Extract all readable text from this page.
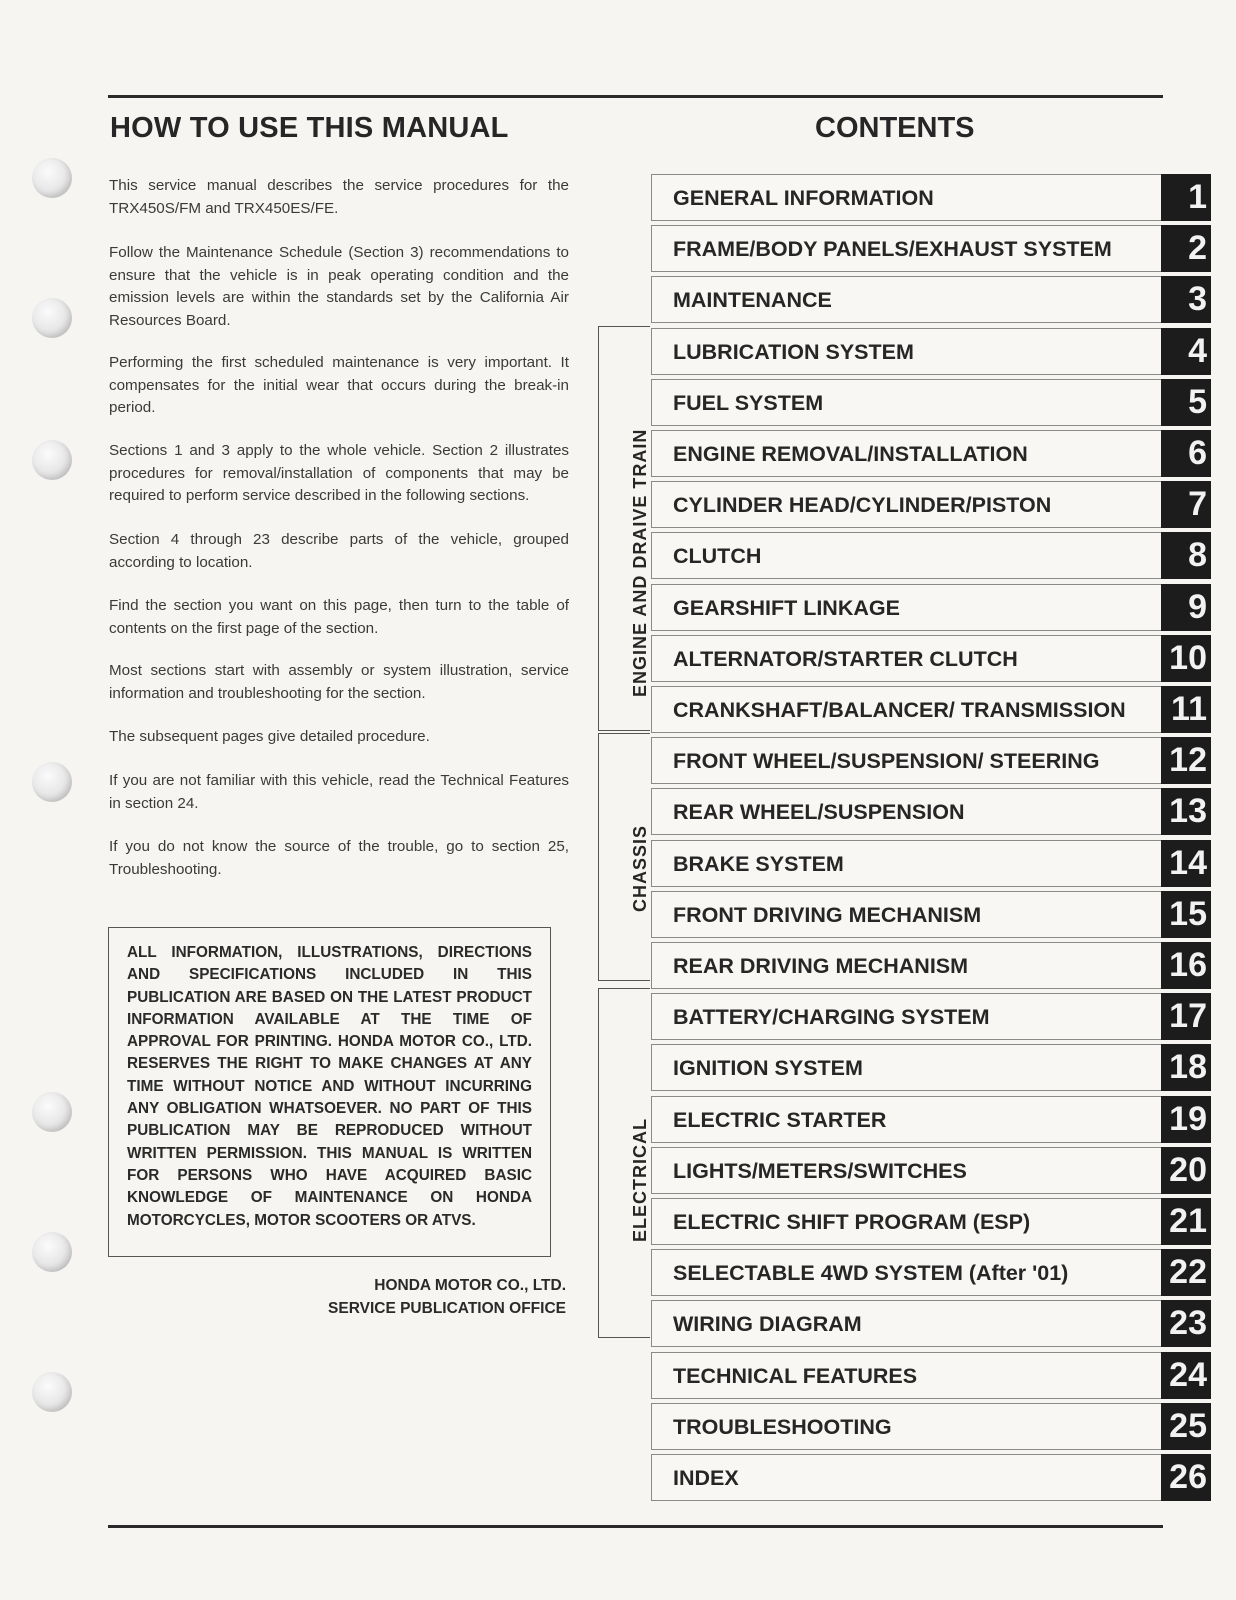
HOW TO USE THIS MANUAL	CONTENTS

This service manual describes the service procedures for the TRX450S/FM and TRX450ES/FE.

Follow the Maintenance Schedule (Section 3) recommendations to ensure that the vehicle is in peak operating condition and the emission levels are within the standards set by the California Air Resources Board.

Performing the first scheduled maintenance is very important. It compensates for the initial wear that occurs during the break-in period.

Sections 1 and 3 apply to the whole vehicle. Section 2 illustrates procedures for removal/installation of components that may be required to perform service described in the following sections.

Section 4 through 23 describe parts of the vehicle, grouped according to location.

Find the section you want on this page, then turn to the table of contents on the first page of the section.

Most sections start with assembly or system illustration, service information and troubleshooting for the section.

The subsequent pages give detailed procedure.

If you are not familiar with this vehicle, read the Technical Features in section 24.

If you do not know the source of the trouble, go to section 25, Troubleshooting.

ALL INFORMATION, ILLUSTRATIONS, DIRECTIONS AND SPECIFICATIONS INCLUDED IN THIS PUBLICATION ARE BASED ON THE LATEST PRODUCT INFORMATION AVAILABLE AT THE TIME OF APPROVAL FOR PRINTING. HONDA MOTOR CO., LTD. RESERVES THE RIGHT TO MAKE CHANGES AT ANY TIME WITHOUT NOTICE AND WITHOUT INCURRING ANY OBLIGATION WHATSOEVER. NO PART OF THIS PUBLICATION MAY BE REPRODUCED WITHOUT WRITTEN PERMISSION. THIS MANUAL IS WRITTEN FOR PERSONS WHO HAVE ACQUIRED BASIC KNOWLEDGE OF MAINTENANCE ON HONDA MOTORCYCLES, MOTOR SCOOTERS OR ATVS.

HONDA MOTOR CO., LTD.
SERVICE PUBLICATION OFFICE
ENGINE AND DRAIVE TRAIN
CHASSIS
ELECTRICAL
GENERAL INFORMATION	1
FRAME/BODY PANELS/EXHAUST SYSTEM	2
MAINTENANCE	3
LUBRICATION SYSTEM	4
FUEL SYSTEM	5
ENGINE REMOVAL/INSTALLATION	6
CYLINDER HEAD/CYLINDER/PISTON	7
CLUTCH	8
GEARSHIFT LINKAGE	9
ALTERNATOR/STARTER CLUTCH	10
CRANKSHAFT/BALANCER/ TRANSMISSION	11
FRONT WHEEL/SUSPENSION/ STEERING	12
REAR WHEEL/SUSPENSION	13
BRAKE SYSTEM	14
FRONT DRIVING MECHANISM	15
REAR DRIVING MECHANISM	16
BATTERY/CHARGING SYSTEM	17
IGNITION SYSTEM	18
ELECTRIC STARTER	19
LIGHTS/METERS/SWITCHES	20
ELECTRIC SHIFT PROGRAM (ESP)	21
SELECTABLE 4WD SYSTEM (After '01)	22
WIRING DIAGRAM	23
TECHNICAL FEATURES	24
TROUBLESHOOTING	25
INDEX	26
